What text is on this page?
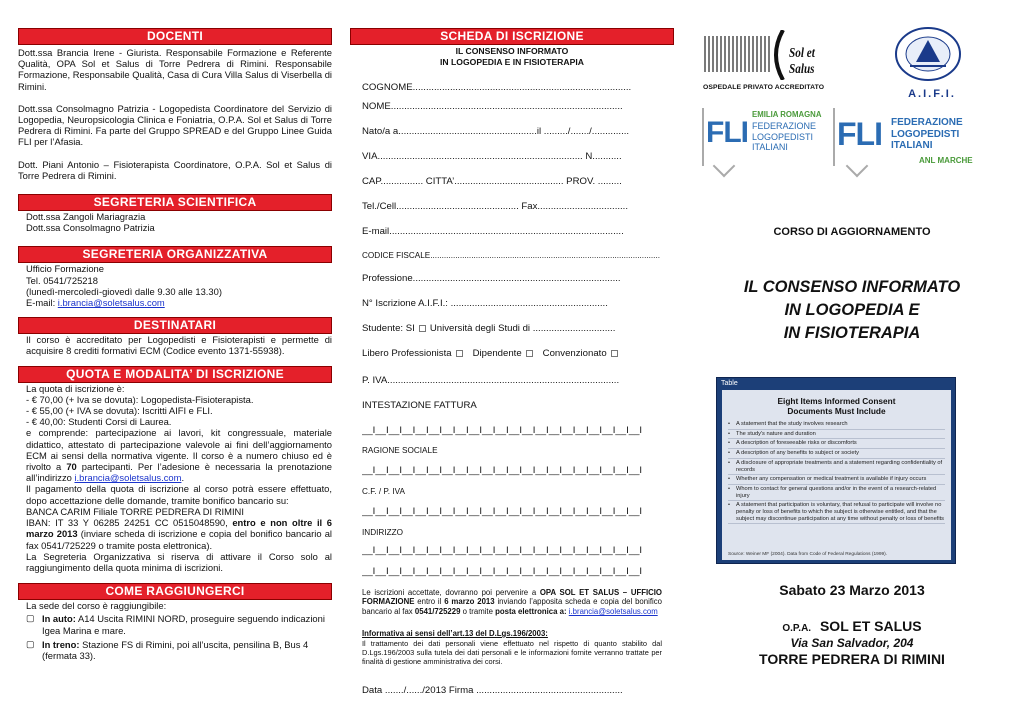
DOCENTI
Dott.ssa Brancia Irene - Giurista. Responsabile Formazione e Referente Qualità, OPA Sol et Salus di Torre Pedrera di Rimini. Responsabile Formazione, Responsabile Qualità, Casa di Cura Villa Salus di Viserbella di Rimini.
Dott.ssa Consolmagno Patrizia - Logopedista Coordinatore del Servizio di Logopedia, Neuropsicologia Clinica e Foniatria, O.P.A. Sol et Salus di Torre Pedrera di Rimini. Fa parte del Gruppo SPREAD e del Gruppo Linee Guida FLI per l’Afasia.
Dott. Piani Antonio – Fisioterapista Coordinatore, O.P.A. Sol et Salus di Torre Pedrera di Rimini.
SEGRETERIA SCIENTIFICA
Dott.ssa Zangoli Mariagrazia
Dott.ssa Consolmagno Patrizia
SEGRETERIA ORGANIZZATIVA
Ufficio Formazione
Tel. 0541/725218
(lunedì-mercoledì-giovedì dalle 9.30 alle 13.30)
E-mail: i.brancia@soletsalus.com
DESTINATARI
Il corso è accreditato per Logopedisti e Fisioterapisti e permette di acquisire 8 crediti formativi ECM (Codice evento 1371-55938).
QUOTA E MODALITA’ DI ISCRIZIONE
La quota di iscrizione è:
- € 70,00 (+ Iva se dovuta): Logopedista-Fisioterapista.
- € 55,00 (+ IVA se dovuta): Iscritti AIFI e FLI.
- € 40,00: Studenti Corsi di Laurea.
e comprende: partecipazione ai lavori, kit congressuale, materiale didattico, attestato di partecipazione valevole ai fini dell’aggiornamento ECM ai sensi della normativa vigente. Il corso è a numero chiuso ed è rivolto a 70 partecipanti. Per l’adesione è necessaria la prenotazione all’indirizzo i.brancia@soletsalus.com.
Il pagamento della quota di iscrizione al corso potrà essere effettuato, dopo accettazione delle domande, tramite bonifico bancario su:
BANCA CARIM Filiale TORRE PEDRERA DI RIMINI
IBAN: IT 33 Y 06285 24251 CC 0515048590, entro e non oltre il 6 marzo 2013 (inviare scheda di iscrizione e copia del bonifico bancario al fax 0541/725229 o tramite posta elettronica).
La Segreteria Organizzativa si riserva di attivare il Corso solo al raggiungimento della quota minima di iscrizioni.
COME RAGGIUNGERCI
La sede del corso è raggiungibile:
▢ In auto: A14 Uscita RIMINI NORD, proseguire seguendo indicazioni Igea Marina e mare.
▢ In treno: Stazione FS di Rimini, poi all’uscita, pensilina B, Bus 4 (fermata 33).
SCHEDA DI ISCRIZIONE
IL CONSENSO INFORMATO
IN LOGOPEDIA E IN FISIOTERAPIA
COGNOME..................................................................................
NOME.......................................................................................
Nato/a a....................................................il ........./......./..............
VIA............................................................................. N...........
CAP................ CITTA’......................................... PROV. .........
Tel./Cell.............................................. Fax..................................
E-mail........................................................................................
CODICE FISCALE.....................................................................................................
Professione..............................................................................
N° Iscrizione A.I.F.I.: ...........................................................
Studente: SI Università degli Studi di ...............................
Libero Professionista Dipendente Convenzionato
P. IVA.......................................................................................
INTESTAZIONE FATTURA
__I__I__I__I__I__I__I__I__I__I__I__I__I__I__I__I__I__I__I__I__I
RAGIONE SOCIALE
__I__I__I__I__I__I__I__I__I__I__I__I__I__I__I__I__I__I__I__I__I
C.F. / P. IVA
__I__I__I__I__I__I__I__I__I__I__I__I__I__I__I__I__I__I__I__I__I
INDIRIZZO
__I__I__I__I__I__I__I__I__I__I__I__I__I__I__I__I__I__I__I__I__I
__I__I__I__I__I__I__I__I__I__I__I__I__I__I__I__I__I__I__I__I__I
Le iscrizioni accettate, dovranno poi pervenire a OPA SOL ET SALUS – UFFICIO FORMAZIONE entro il 6 marzo 2013 inviando l’apposita scheda e copia del bonifico bancario al fax 0541/725229 o tramite posta elettronica a: i.brancia@soletsalus.com
Informativa ai sensi dell’art.13 del D.Lgs.196/2003:
Il trattamento dei dati personali viene effettuato nel rispetto di quanto stabilito dal D.Lgs.196/2003 sulla tutela dei dati personali e le informazioni fornite verranno trattate per finalità di gestione amministrativa dei corsi.
Data ......./....../2013 Firma .......................................................
Sol et Salus
OSPEDALE PRIVATO ACCREDITATO
A.I.F.I.
FLI
EMILIA ROMAGNA
FEDERAZIONE
LOGOPEDISTI
ITALIANI	FLI FEDERAZIONE
LOGOPEDISTI
ITALIANI
ANL MARCHE
CORSO DI AGGIORNAMENTO
IL CONSENSO INFORMATO
IN LOGOPEDIA E
IN FISIOTERAPIA
Table
Eight Items Informed Consent
Documents Must Include
•	A statement that the study involves research
•	The study's nature and duration
•	A description of foreseeable risks or discomforts
•	A description of any benefits to subject or society
•	A disclosure of appropriate treatments and a statement regarding confidentiality of records
•	Whether any compensation or medical treatment is available if injury occurs
•	Whom to contact for general questions and/or in the event of a research-related injury
•	A statement that participation is voluntary, that refusal to participate will involve no penalty or loss of benefits to which the subject is otherwise entitled, and that the subject may discontinue participation at any time without penalty or loss of benefits
Source: Weiner MF (2004). Data from Code of Federal Regulations (1999).
Sabato 23 Marzo 2013
O.P.A. SOL ET SALUS
Via San Salvador, 204
TORRE PEDRERA DI RIMINI
